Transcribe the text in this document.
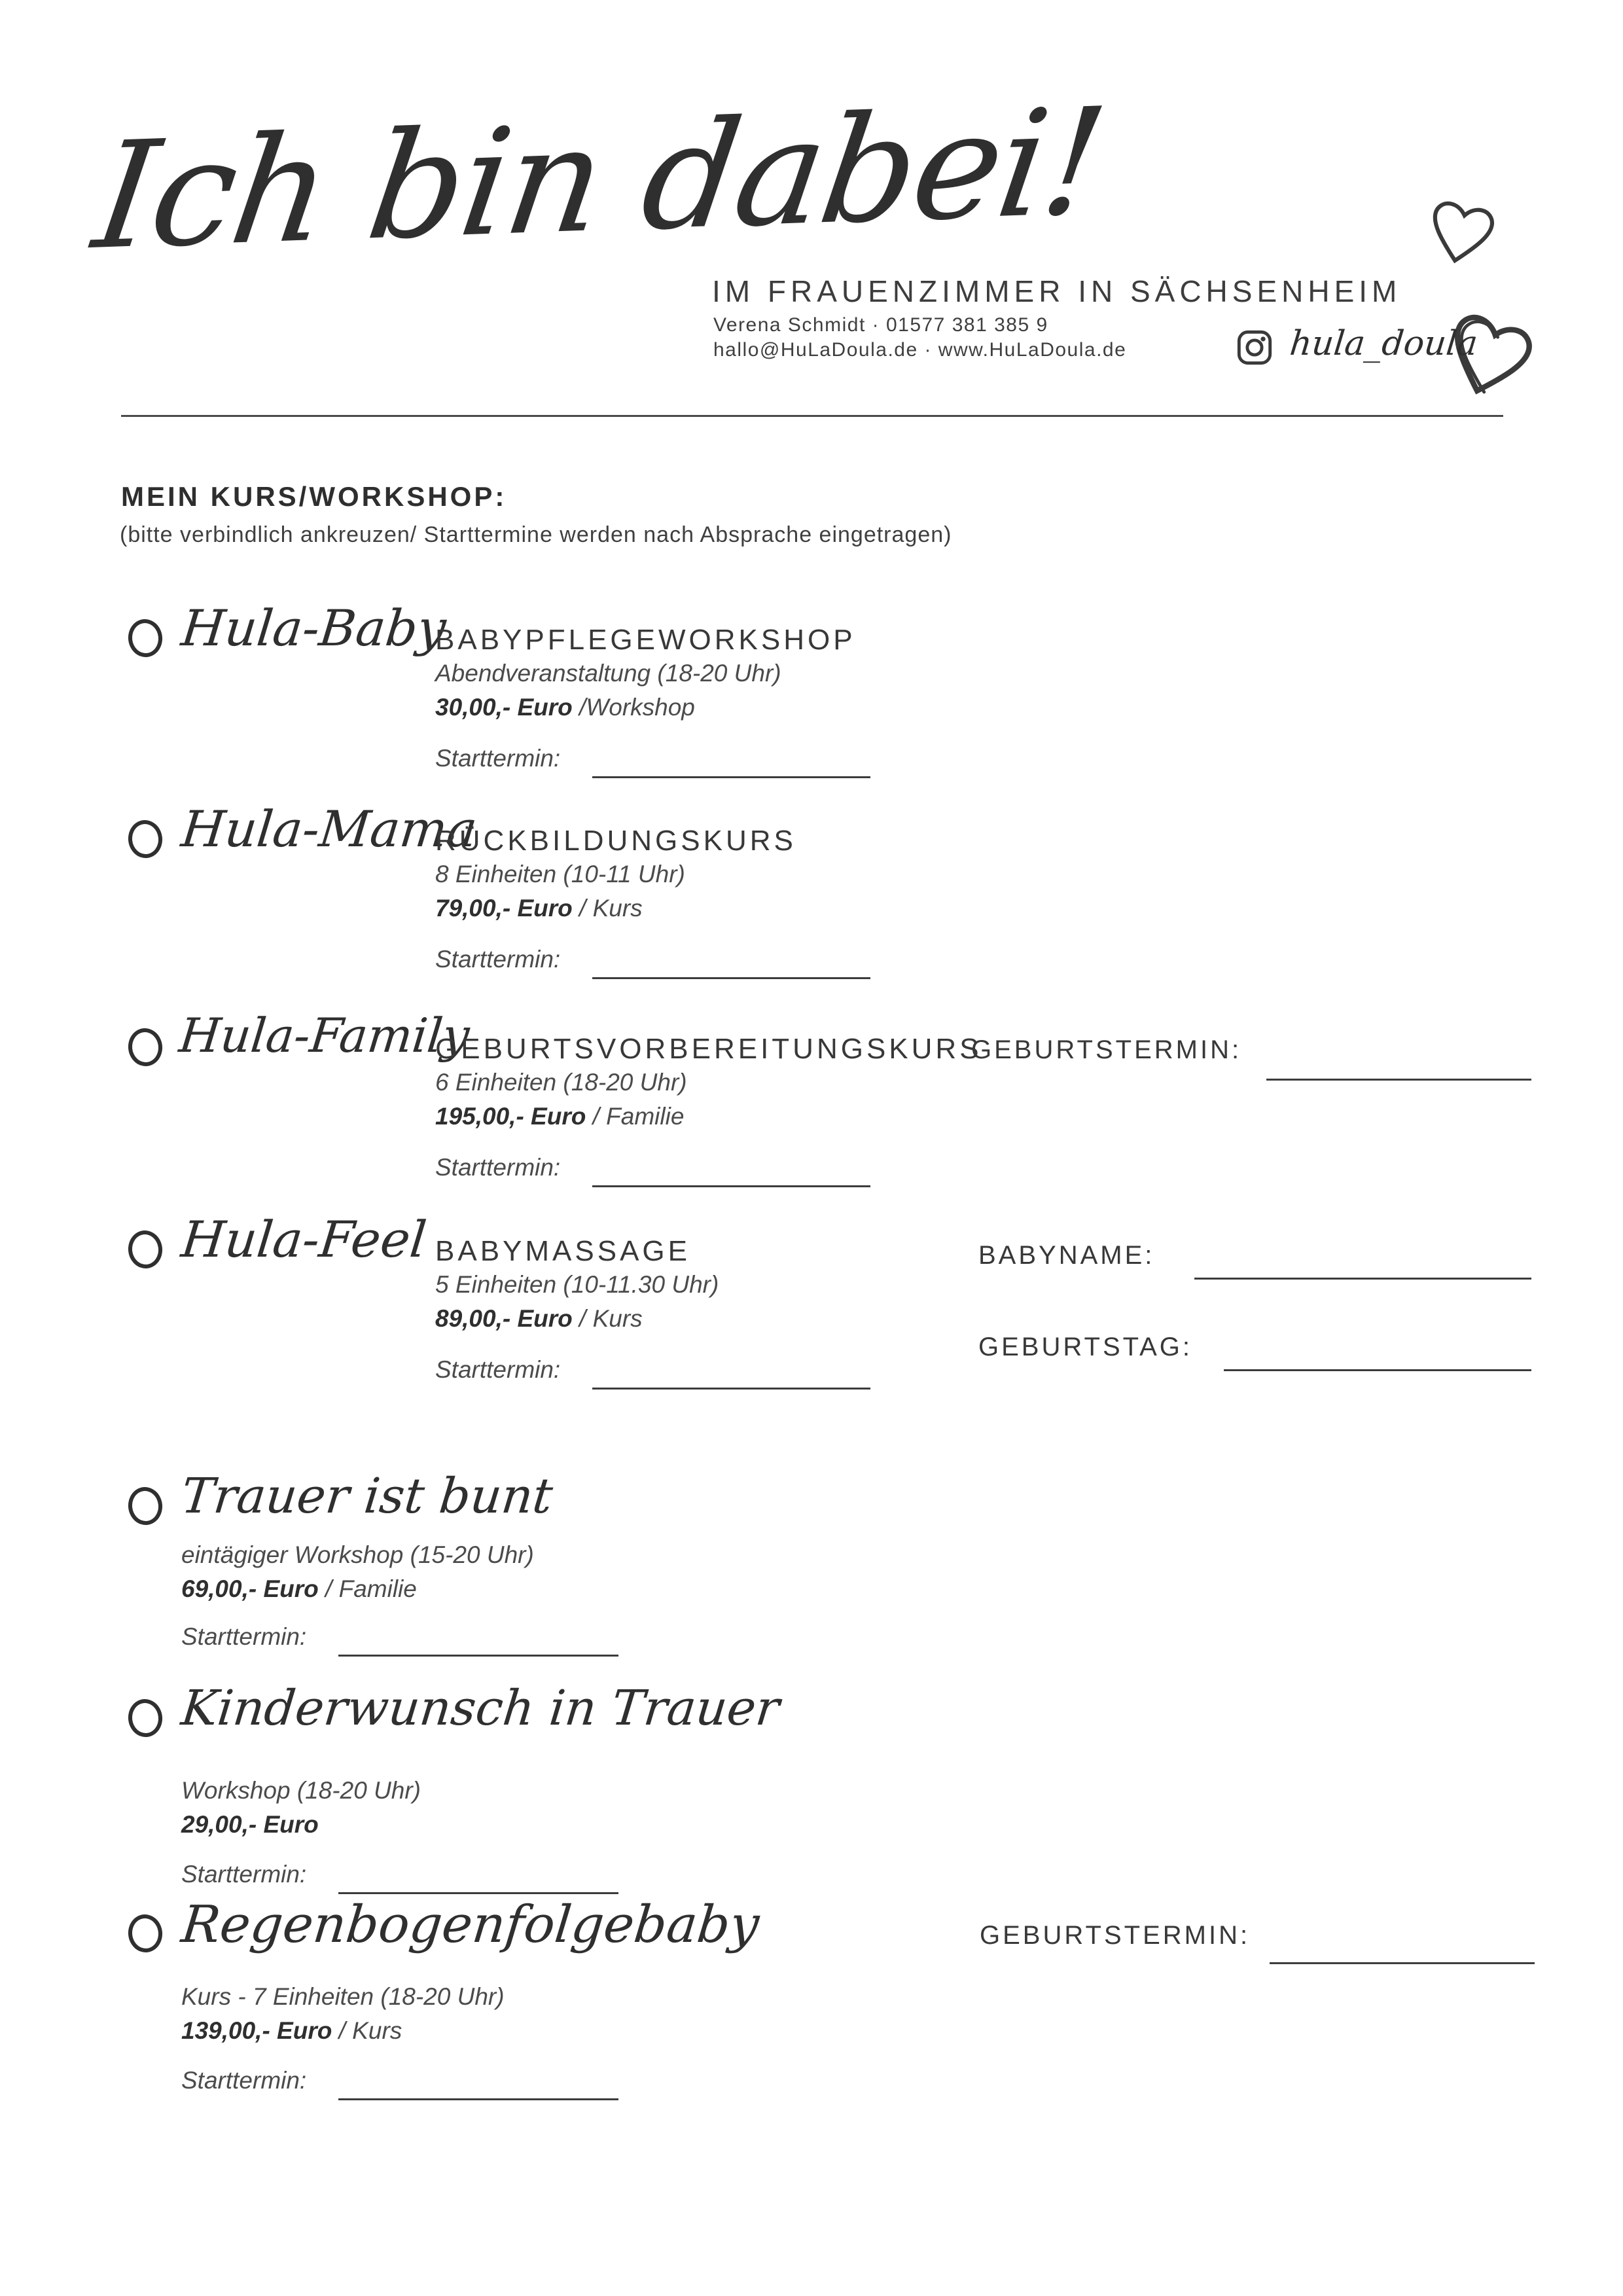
Ich bin dabei!
IM FRAUENZIMMER IN SÄCHSENHEIM
Verena Schmidt · 01577 381 385 9
hallo@HuLaDoula.de · www.HuLaDoula.de	hula_doula
MEIN KURS/WORKSHOP:
(bitte verbindlich ankreuzen/ Starttermine werden nach Absprache eingetragen)
Hula-Baby
BABYPFLEGEWORKSHOP
Abendveranstaltung (18-20 Uhr)
30,00,- Euro /Workshop
Starttermin:
Hula-Mama
RÜCKBILDUNGSKURS
8 Einheiten (10-11 Uhr)
79,00,- Euro / Kurs
Starttermin:
Hula-Family
GEBURTSVORBEREITUNGSKURS
GEBURTSTERMIN:
6 Einheiten (18-20 Uhr)
195,00,- Euro / Familie
Starttermin:
Hula-Feel BABYMASSAGE	BABYNAME:
5 Einheiten (10-11.30 Uhr)
89,00,- Euro / Kurs
GEBURTSTAG:
Starttermin:
Trauer ist bunt
eintägiger Workshop (15-20 Uhr)
69,00,- Euro / Familie
Starttermin:
Kinderwunsch in Trauer
Workshop (18-20 Uhr)
29,00,- Euro
Starttermin:
Regenbogenfolgebaby	GEBURTSTERMIN:
Kurs - 7 Einheiten (18-20 Uhr)
139,00,- Euro / Kurs
Starttermin:
